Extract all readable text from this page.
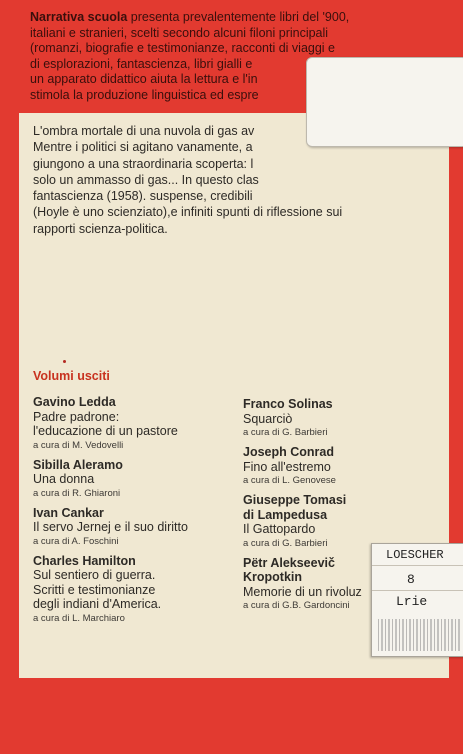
Narrativa scuola presenta prevalentemente libri del '900,
italiani e stranieri, scelti secondo alcuni filoni principali
(romanzi, biografie e testimonianze, racconti di viaggi e
di esplorazioni, fantascienza, libri gialli e
un apparato didattico aiuta la lettura e l'in
stimola la produzione linguistica ed espre
L'ombra mortale di una nuvola di gas av
Mentre i politici si agitano vanamente, a
giungono a una straordinaria scoperta: l
solo un ammasso di gas... In questo clas
fantascienza (1958). suspense, credibili
(Hoyle è uno scienziato),e infiniti spunti di riflessione sui
rapporti scienza-politica.
Volumi usciti
Gavino Ledda
Padre padrone:
l'educazione di un pastore
a cura di M. Vedovelli
Sibilla Aleramo
Una donna
a cura di R. Ghiaroni
Ivan Cankar
Il servo Jernej e il suo diritto
a cura di A. Foschini
Charles Hamilton
Sul sentiero di guerra.
Scritti e testimonianze
degli indiani d'America.
a cura di L. Marchiaro
Franco Solinas
Squarciò
a cura di G. Barbieri
Joseph Conrad
Fino all'estremo
a cura di L. Genovese
Giuseppe Tomasi
di Lampedusa
Il Gattopardo
a cura di G. Barbieri
Pëtr Alekseevič
Kropotkin
Memorie di un rivoluz
a cura di G.B. Gardoncini
LOESCHER
8
Lrie
